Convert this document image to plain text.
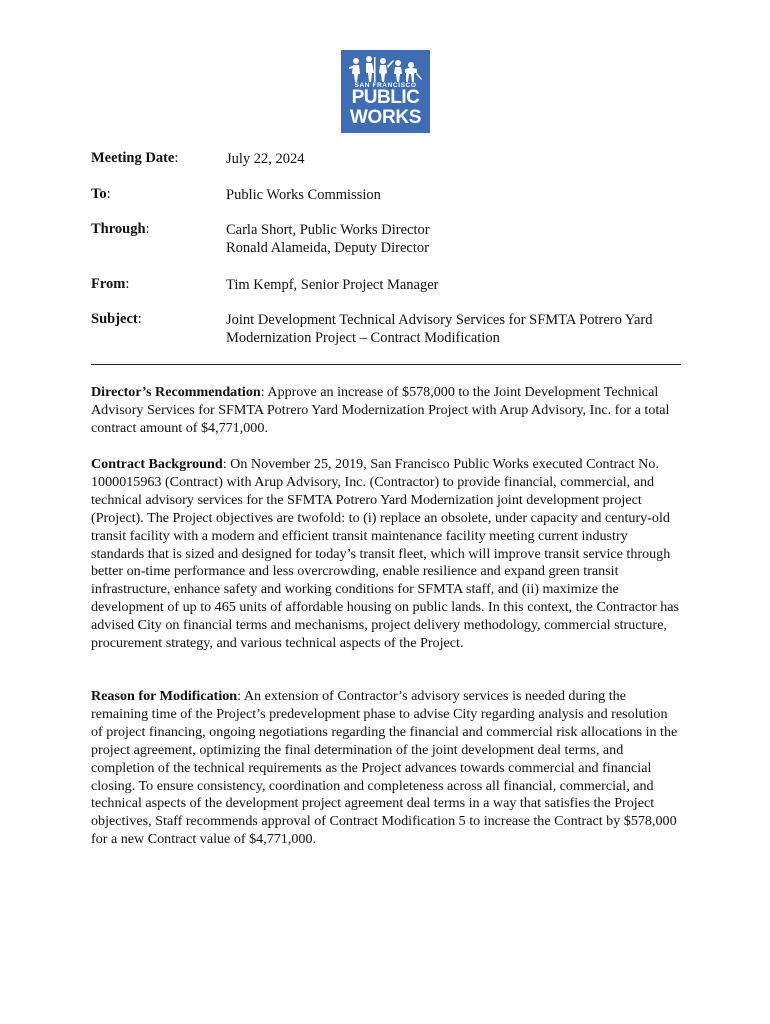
SAN FRANCISCO
PUBLIC
WORKS
Meeting Date:	July 22, 2024
To:	Public Works Commission
Through:	Carla Short, Public Works Director
Ronald Alameida, Deputy Director
From:	Tim Kempf, Senior Project Manager
Subject:	Joint Development Technical Advisory Services for SFMTA Potrero Yard
Modernization Project – Contract Modification
Director’s Recommendation: Approve an increase of $578,000 to the Joint Development Technical Advisory Services for SFMTA Potrero Yard Modernization Project with Arup Advisory, Inc. for a total contract amount of $4,771,000.
Contract Background: On November 25, 2019, San Francisco Public Works executed Contract No. 1000015963 (Contract) with Arup Advisory, Inc. (Contractor) to provide financial, commercial, and technical advisory services for the SFMTA Potrero Yard Modernization joint development project (Project). The Project objectives are twofold: to (i) replace an obsolete, under capacity and century-old transit facility with a modern and efficient transit maintenance facility meeting current industry standards that is sized and designed for today’s transit fleet, which will improve transit service through better on-time performance and less overcrowding, enable resilience and expand green transit infrastructure, enhance safety and working conditions for SFMTA staff, and (ii) maximize the development of up to 465 units of affordable housing on public lands. In this context, the Contractor has advised City on financial terms and mechanisms, project delivery methodology, commercial structure, procurement strategy, and various technical aspects of the Project.
Reason for Modification: An extension of Contractor’s advisory services is needed during the remaining time of the Project’s predevelopment phase to advise City regarding analysis and resolution of project financing, ongoing negotiations regarding the financial and commercial risk allocations in the project agreement, optimizing the final determination of the joint development deal terms, and completion of the technical requirements as the Project advances towards commercial and financial closing. To ensure consistency, coordination and completeness across all financial, commercial, and technical aspects of the development project agreement deal terms in a way that satisfies the Project objectives, Staff recommends approval of Contract Modification 5 to increase the Contract by $578,000 for a new Contract value of $4,771,000.
